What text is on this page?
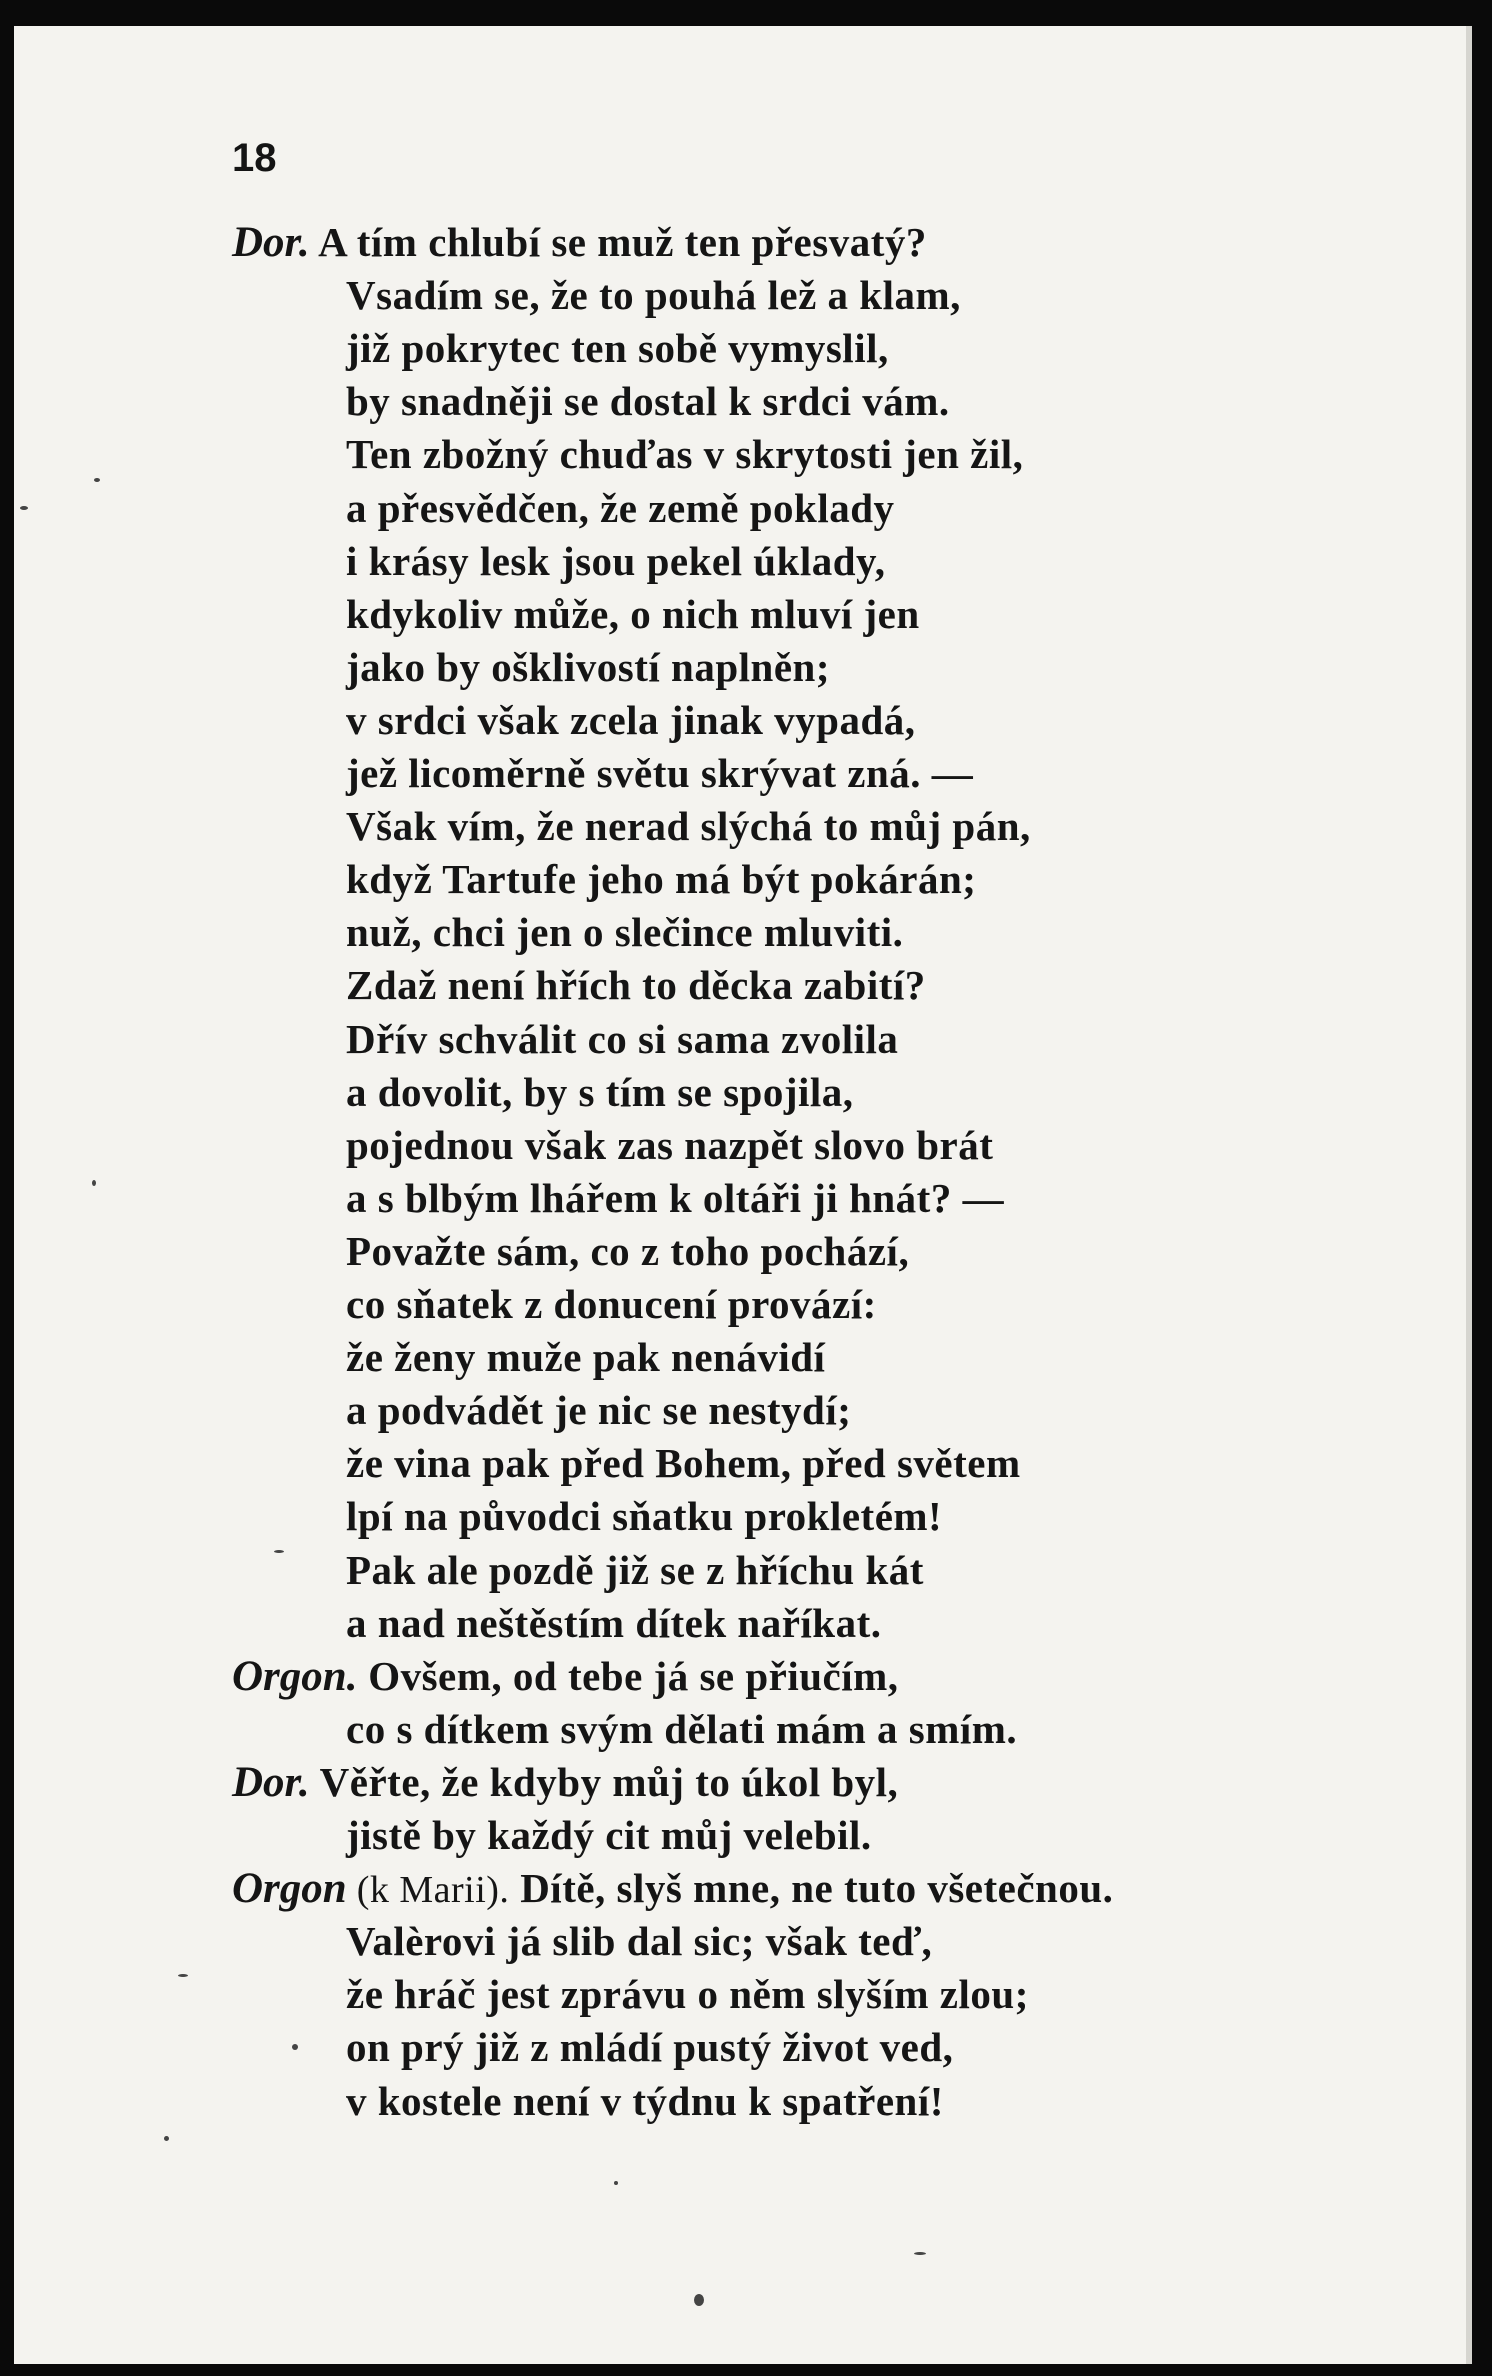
18
Dor. A tím chlubí se muž ten přesvatý?
Vsadím se, že to pouhá lež a klam,
již pokrytec ten sobě vymyslil,
by snadněji se dostal k srdci vám.
Ten zbožný chuďas v skrytosti jen žil,
a přesvědčen, že země poklady
i krásy lesk jsou pekel úklady,
kdykoliv může, o nich mluví jen
jako by ošklivostí naplněn;
v srdci však zcela jinak vypadá,
jež licoměrně světu skrývat zná. —
Však vím, že nerad slýchá to můj pán,
když Tartufe jeho má být pokárán;
nuž, chci jen o slečince mluviti.
Zdaž není hřích to děcka zabití?
Dřív schválit co si sama zvolila
a dovolit, by s tím se spojila,
pojednou však zas nazpět slovo brát
a s blbým lhářem k oltáři ji hnát? —
Považte sám, co z toho pochází,
co sňatek z donucení provází:
že ženy muže pak nenávidí
a podvádět je nic se nestydí;
že vina pak před Bohem, před světem
lpí na původci sňatku prokletém!
Pak ale pozdě již se z hříchu kát
a nad neštěstím dítek naříkat.
Orgon. Ovšem, od tebe já se přiučím,
co s dítkem svým dělati mám a smím.
Dor. Věřte, že kdyby můj to úkol byl,
jistě by každý cit můj velebil.
Orgon (k Marii). Dítě, slyš mne, ne tuto všetečnou.
Valèrovi já slib dal sic; však teď,
že hráč jest zprávu o něm slyším zlou;
on prý již z mládí pustý život ved,
v kostele není v týdnu k spatření!
